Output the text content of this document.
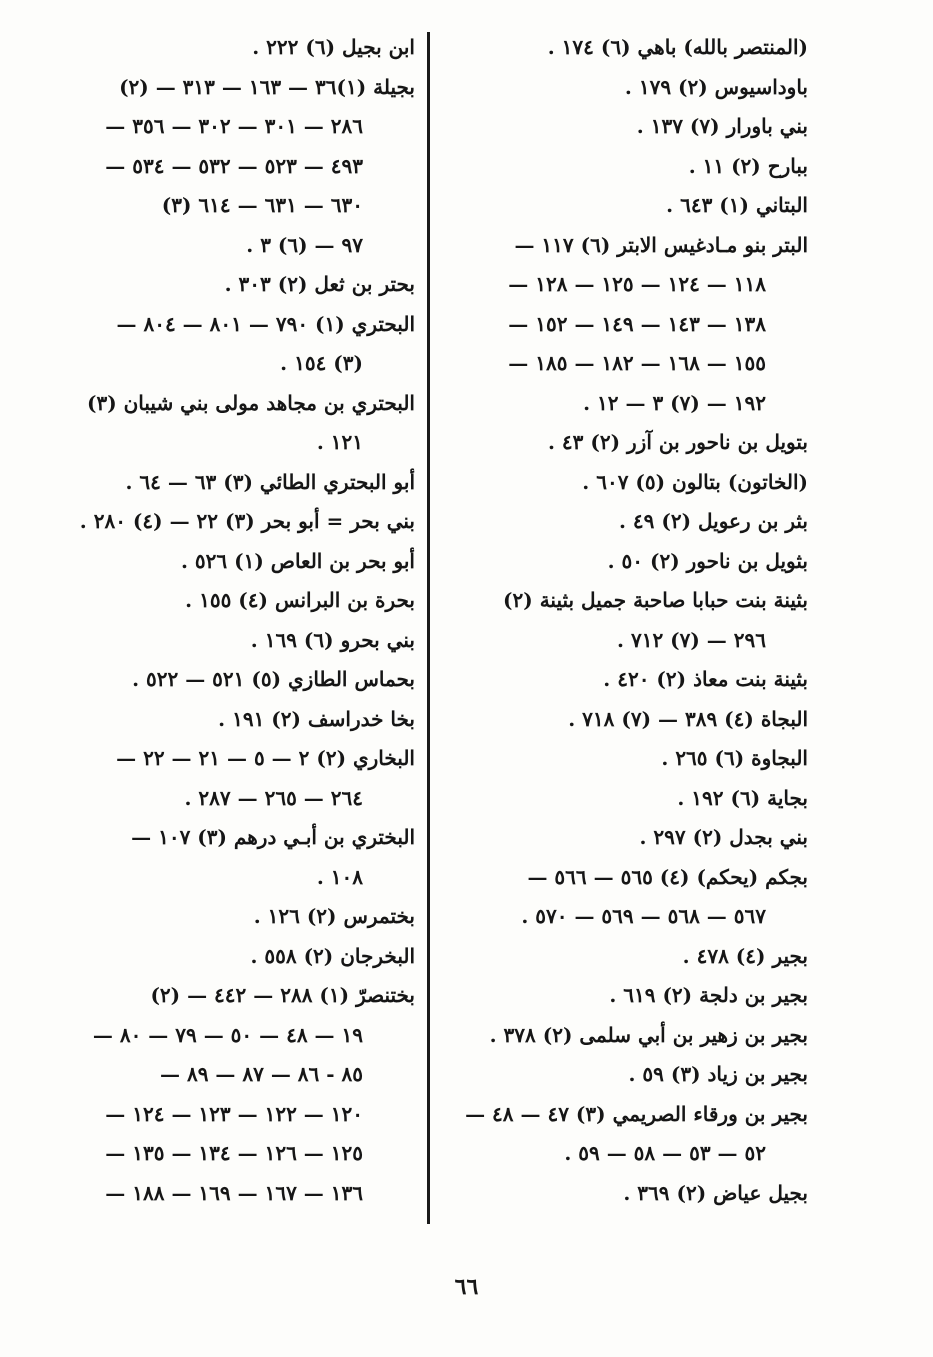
(المنتصر بالله) باهي (٦) ١٧٤ .
باوداسيوس (٢) ١٧٩ .
بني باورار (٧) ١٣٧ .
ببارح (٢) ١١ .
البتاني (١) ٦٤٣ .
البتر بنو مـادغيس الابتر (٦) ١١٧ —
١١٨ — ١٢٤ — ١٢٥ — ١٢٨ —
١٣٨ — ١٤٣ — ١٤٩ — ١٥٢ —
١٥٥ — ١٦٨ — ١٨٢ — ١٨٥ —
١٩٢ — (٧) ٣ — ١٢ .
بتويل بن ناحور بن آزر (٢) ٤٣ .
(الخاتون) بتالون (٥) ٦٠٧ .
بثر بن رعويل (٢) ٤٩ .
بثويل بن ناحور (٢) ٥٠ .
بثينة بنت حبابا صاحبة جميل بثينة (٢)
٢٩٦ — (٧) ٧١٢ .
بثينة بنت معاذ (٢) ٤٢٠ .
البجاة (٤) ٣٨٩ — (٧) ٧١٨ .
البجاوة (٦) ٢٦٥ .
بجاية (٦) ١٩٢ .
بني بجدل (٢) ٢٩٧ .
بجكم (يحكم) (٤) ٥٦٥ — ٥٦٦ —
٥٦٧ — ٥٦٨ — ٥٦٩ — ٥٧٠ .
بجير (٤) ٤٧٨ .
بجير بن دلجة (٢) ٦١٩ .
بجير بن زهير بن أبي سلمى (٢) ٣٧٨ .
بجير بن زياد (٣) ٥٩ .
بجير بن ورقاء الصريمي (٣) ٤٧ — ٤٨ —
٥٢ — ٥٣ — ٥٨ — ٥٩ .
بجيل عياض (٢) ٣٦٩ .
ابن بجيل (٦) ٢٢٢ .
بجيلة (١)٣٦ — ١٦٣ — ٣١٣ — (٢)
٢٨٦ — ٣٠١ — ٣٠٢ — ٣٥٦ —
٤٩٣ — ٥٢٣ — ٥٣٢ — ٥٣٤ —
٦٣٠ — ٦٣١ — ٦١٤ (٣)
٩٧ — (٦) ٣ .
بحتر بن ثعل (٢) ٣٠٣ .
البحتري (١) ٧٩٠ — ٨٠١ — ٨٠٤ —
(٣) ١٥٤ .
البحتري بن مجاهد مولى بني شيبان (٣)
١٢١ .
أبو البحتري الطائي (٣) ٦٣ — ٦٤ .
بني بحر = أبو بحر (٣) ٢٢ — (٤) ٢٨٠ .
أبو بحر بن العاص (١) ٥٢٦ .
بحرة بن البرانس (٤) ١٥٥ .
بني بحرو (٦) ١٦٩ .
بحماس الطازي (٥) ٥٢١ — ٥٢٢ .
بخا خدراسف (٢) ١٩١ .
البخاري (٢) ٢ — ٥ — ٢١ — ٢٢ —
٢٦٤ — ٢٦٥ — ٢٨٧ .
البختري بن أبـي درهم (٣) ١٠٧ —
١٠٨ .
بختمرس (٢) ١٢٦ .
البخرجان (٢) ٥٥٨ .
بختنصرّ (١) ٢٨٨ — ٤٤٢ — (٢)
١٩ — ٤٨ — ٥٠ — ٧٩ — ٨٠ —
٨٥ - ٨٦ — ٨٧ — ٨٩ —
١٢٠ — ١٢٢ — ١٢٣ — ١٢٤ —
١٢٥ — ١٢٦ — ١٣٤ — ١٣٥ —
١٣٦ — ١٦٧ — ١٦٩ — ١٨٨ —
٦٦
